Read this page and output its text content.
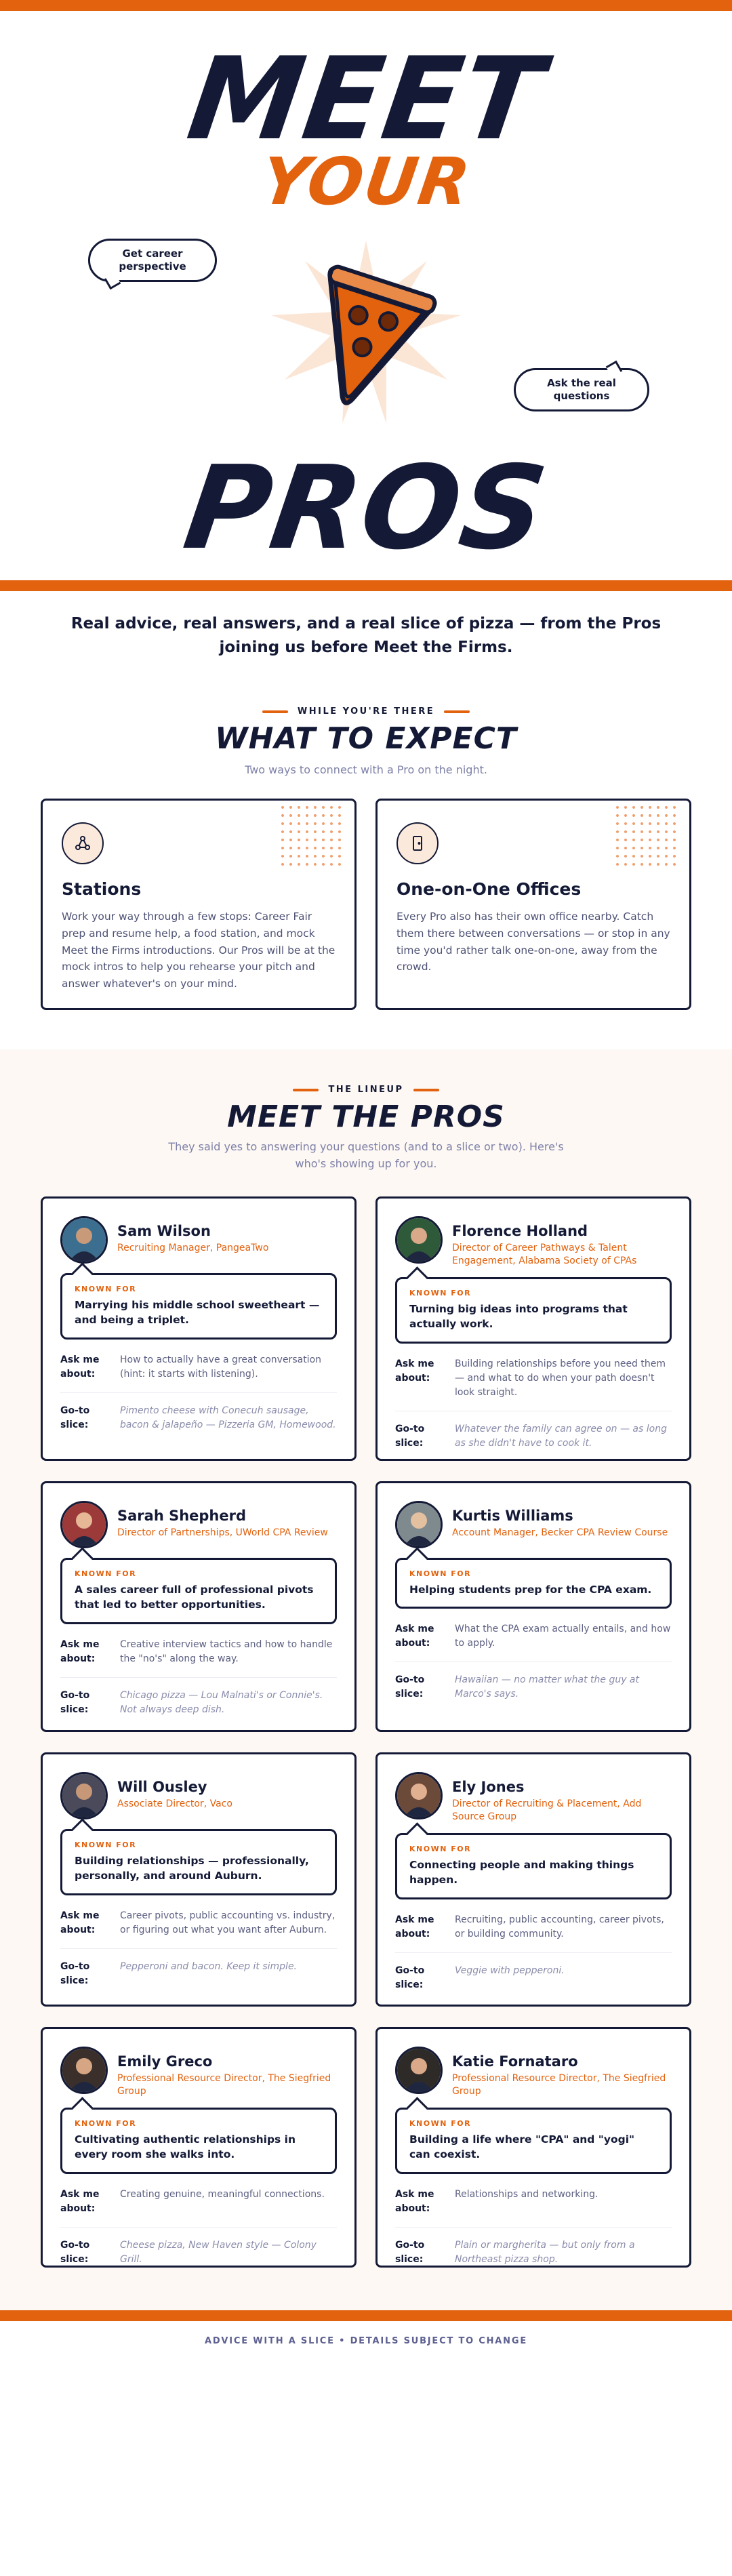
MEET
YOUR
Get career perspective
Ask the real questions
PROS
Real advice, real answers, and a real slice of pizza — from the Pros joining us before Meet the Firms.
WHILE YOU'RE THERE
WHAT TO EXPECT
Two ways to connect with a Pro on the night.
Stations
Work your way through a few stops: Career Fair prep and resume help, a food station, and mock Meet the Firms introductions. Our Pros will be at the mock intros to help you rehearse your pitch and answer whatever's on your mind.
One-on-One Offices
Every Pro also has their own office nearby. Catch them there between conversations — or stop in any time you'd rather talk one-on-one, away from the crowd.
THE LINEUP
MEET THE PROS
They said yes to answering your questions (and to a slice or two). Here's who's showing up for you.
Sam Wilson
Recruiting Manager, PangeaTwo
KNOWN FOR
Marrying his middle school sweetheart — and being a triplet.
Ask me about:
How to actually have a great conversation (hint: it starts with listening).
Go-to slice:
Pimento cheese with Conecuh sausage, bacon & jalapeño — Pizzeria GM, Homewood.
Florence Holland
Director of Career Pathways & Talent Engagement, Alabama Society of CPAs
KNOWN FOR
Turning big ideas into programs that actually work.
Ask me about:
Building relationships before you need them — and what to do when your path doesn't look straight.
Go-to slice:
Whatever the family can agree on — as long as she didn't have to cook it.
Sarah Shepherd
Director of Partnerships, UWorld CPA Review
KNOWN FOR
A sales career full of professional pivots that led to better opportunities.
Ask me about:
Creative interview tactics and how to handle the "no's" along the way.
Go-to slice:
Chicago pizza — Lou Malnati's or Connie's. Not always deep dish.
Kurtis Williams
Account Manager, Becker CPA Review Course
KNOWN FOR
Helping students prep for the CPA exam.
Ask me about:
What the CPA exam actually entails, and how to apply.
Go-to slice:
Hawaiian — no matter what the guy at Marco's says.
Will Ousley
Associate Director, Vaco
KNOWN FOR
Building relationships — professionally, personally, and around Auburn.
Ask me about:
Career pivots, public accounting vs. industry, or figuring out what you want after Auburn.
Go-to slice:
Pepperoni and bacon. Keep it simple.
Ely Jones
Director of Recruiting & Placement, Add Source Group
KNOWN FOR
Connecting people and making things happen.
Ask me about:
Recruiting, public accounting, career pivots, or building community.
Go-to slice:
Veggie with pepperoni.
Emily Greco
Professional Resource Director, The Siegfried Group
KNOWN FOR
Cultivating authentic relationships in every room she walks into.
Ask me about:
Creating genuine, meaningful connections.
Go-to slice:
Cheese pizza, New Haven style — Colony Grill.
Katie Fornataro
Professional Resource Director, The Siegfried Group
KNOWN FOR
Building a life where "CPA" and "yogi" can coexist.
Ask me about:
Relationships and networking.
Go-to slice:
Plain or margherita — but only from a Northeast pizza shop.
ADVICE WITH A SLICE • DETAILS SUBJECT TO CHANGE
